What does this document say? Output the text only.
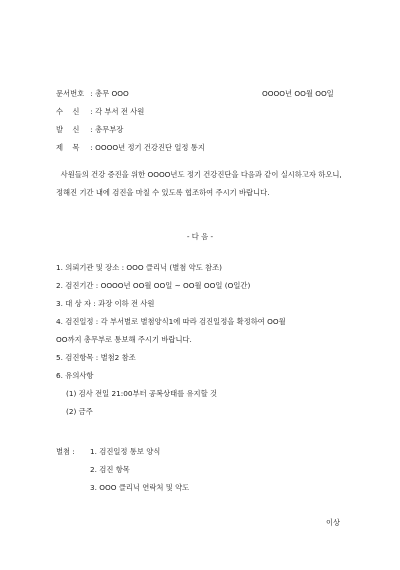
문서번호 : 총무 OOO	OOOO년 OO월 OO일
수    신 : 각 부서 전 사원
발    신 : 총무부장
제    목 : OOOO년 정기 건강진단 일정 통지
사원들의 건강 증진을 위한 OOOO년도 정기 건강진단을 다음과 같이 실시하고자 하오니, 정해진 기간 내에 검진을 마칠 수 있도록 협조하여 주시기 바랍니다.
- 다 음 -
1. 의뢰기관 및 장소 : OOO 클리닉 (별첨 약도 참조)
2. 검진기간 : OOOO년 OO월 OO일 ~ OO월 OO일 (O일간)
3. 대 상 자 : 과장 이하 전 사원
4. 검진일정 : 각 부서별로 별첨양식1에 따라 검진일정을 확정하여 OO월
OO까지 총무부로 통보해 주시기 바랍니다.
5. 검진항목 : 별첨2 참조
6. 유의사항
(1) 검사 전일 21:00부터 공복상태를 유지할 것
(2) 금주
별첨 : 1. 검진일정 통보 양식
2. 검진 항목
3. OOO 클리닉 연락처 및 약도
이상
